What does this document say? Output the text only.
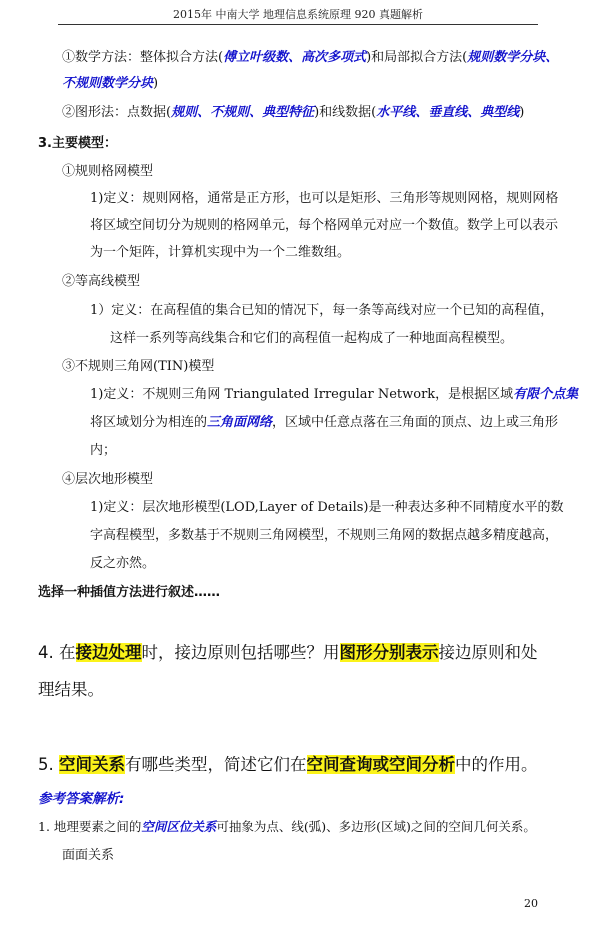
2015年 中南大学 地理信息系统原理 920 真题解析
①数学方法：整体拟合方法(傅立叶级数、高次多项式)和局部拟合方法(规则数学分块、
不规则数学分块)
②图形法：点数据(规则、不规则、典型特征)和线数据(水平线、垂直线、典型线)
3.主要模型：
①规则格网模型
1)定义：规则网格，通常是正方形，也可以是矩形、三角形等规则网格，规则网格
将区域空间切分为规则的格网单元，每个格网单元对应一个数值。数学上可以表示
为一个矩阵，计算机实现中为一个二维数组。
②等高线模型
1）定义：在高程值的集合已知的情况下，每一条等高线对应一个已知的高程值，
这样一系列等高线集合和它们的高程值一起构成了一种地面高程模型。
③不规则三角网(TIN)模型
1)定义：不规则三角网 Triangulated Irregular Network，是根据区域有限个点集
将区域划分为相连的三角面网络，区域中任意点落在三角面的顶点、边上或三角形
内；
④层次地形模型
1)定义：层次地形模型(LOD,Layer of Details)是一种表达多种不同精度水平的数
字高程模型，多数基于不规则三角网模型，不规则三角网的数据点越多精度越高，
反之亦然。
选择一种插值方法进行叙述……
4. 在接边处理时，接边原则包括哪些？用图形分别表示接边原则和处
理结果。
5. 空间关系有哪些类型，简述它们在空间查询或空间分析中的作用。
参考答案解析:
1. 地理要素之间的空间区位关系可抽象为点、线(弧)、多边形(区域)之间的空间几何关系。
面面关系
20
